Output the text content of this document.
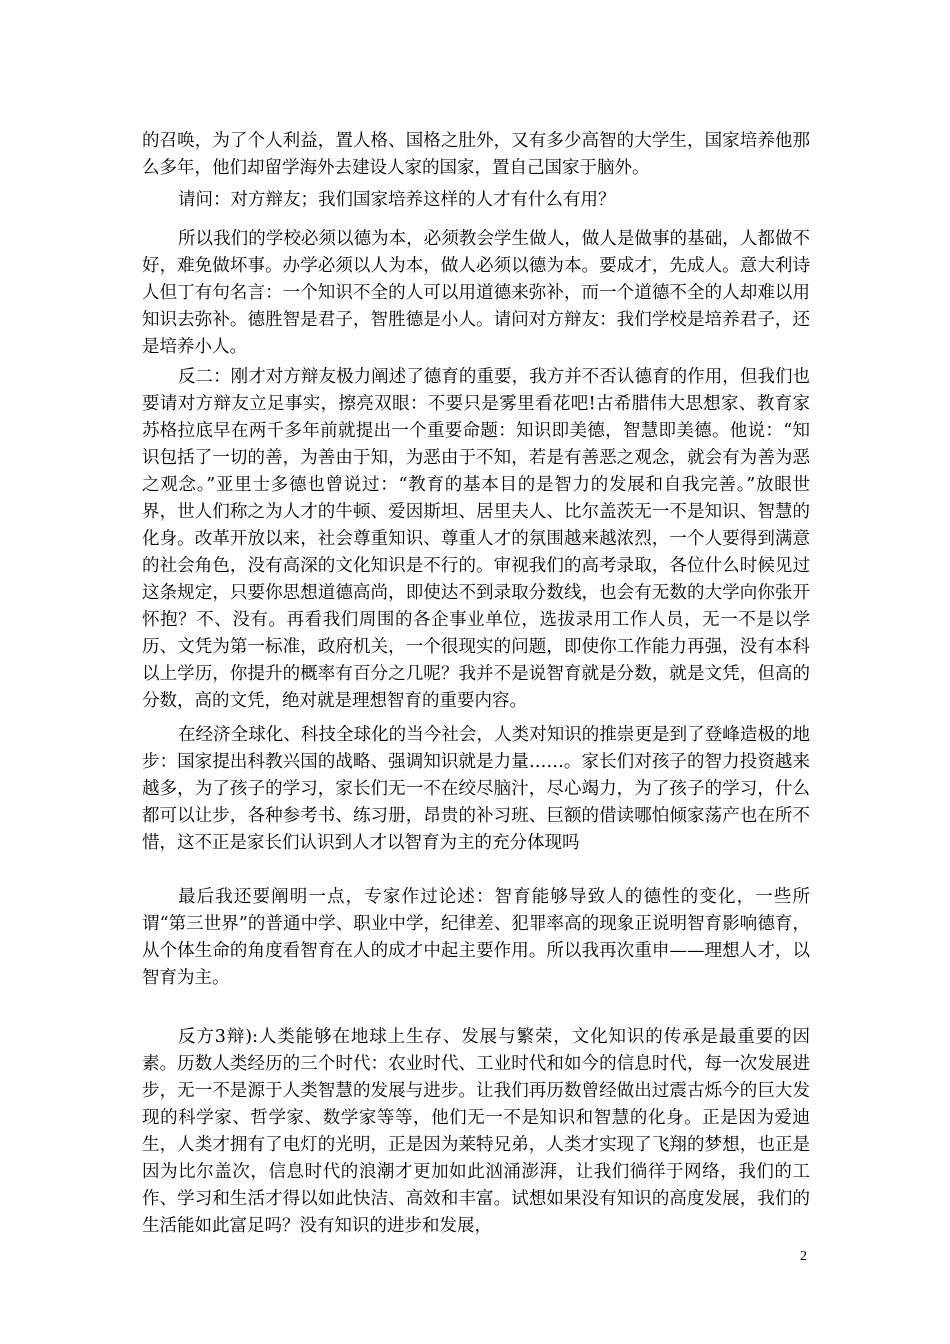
的召唤，为了个人利益，置人格、国格之肚外，又有多少高智的大学生，国家培养他那么多年，他们却留学海外去建设人家的国家，置自己国家于脑外。

请问：对方辩友；我们国家培养这样的人才有什么有用？

所以我们的学校必须以德为本，必须教会学生做人，做人是做事的基础，人都做不好，难免做坏事。办学必须以人为本，做人必须以德为本。要成才，先成人。意大利诗人但丁有句名言：一个知识不全的人可以用道德来弥补，而一个道德不全的人却难以用知识去弥补。德胜智是君子，智胜德是小人。请问对方辩友：我们学校是培养君子，还是培养小人。

反二：刚才对方辩友极力阐述了德育的重要，我方并不否认德育的作用，但我们也要请对方辩友立足事实，擦亮双眼：不要只是雾里看花吧!古希腊伟大思想家、教育家苏格拉底早在两千多年前就提出一个重要命题：知识即美德，智慧即美德。他说：“知识包括了一切的善，为善由于知，为恶由于不知，若是有善恶之观念，就会有为善为恶之观念。”亚里士多德也曾说过：“教育的基本目的是智力的发展和自我完善。”放眼世界，世人们称之为人才的牛顿、爱因斯坦、居里夫人、比尔盖茨无一不是知识、智慧的化身。改革开放以来，社会尊重知识、尊重人才的氛围越来越浓烈，一个人要得到满意的社会角色，没有高深的文化知识是不行的。审视我们的高考录取，各位什么时候见过这条规定，只要你思想道德高尚，即使达不到录取分数线，也会有无数的大学向你张开怀抱？不、没有。再看我们周围的各企事业单位，选拔录用工作人员，无一不是以学历、文凭为第一标准，政府机关，一个很现实的问题，即使你工作能力再强，没有本科以上学历，你提升的概率有百分之几呢？我并不是说智育就是分数，就是文凭，但高的分数，高的文凭，绝对就是理想智育的重要内容。

在经济全球化、科技全球化的当今社会，人类对知识的推崇更是到了登峰造极的地步：国家提出科教兴国的战略、强调知识就是力量……。家长们对孩子的智力投资越来越多，为了孩子的学习，家长们无一不在绞尽脑汁，尽心竭力，为了孩子的学习，什么都可以让步，各种参考书、练习册，昂贵的补习班、巨额的借读哪怕倾家荡产也在所不惜，这不正是家长们认识到人才以智育为主的充分体现吗

最后我还要阐明一点，专家作过论述：智育能够导致人的德性的变化，一些所谓“第三世界”的普通中学、职业中学，纪律差、犯罪率高的现象正说明智育影响德育，从个体生命的角度看智育在人的成才中起主要作用。所以我再次重申——理想人才，以智育为主。

反方3辩):人类能够在地球上生存、发展与繁荣，文化知识的传承是最重要的因素。历数人类经历的三个时代：农业时代、工业时代和如今的信息时代，每一次发展进步，无一不是源于人类智慧的发展与进步。让我们再历数曾经做出过震古烁今的巨大发现的科学家、哲学家、数学家等等，他们无一不是知识和智慧的化身。正是因为爱迪生，人类才拥有了电灯的光明，正是因为莱特兄弟，人类才实现了飞翔的梦想，也正是因为比尔盖次，信息时代的浪潮才更加如此汹涌澎湃，让我们徜徉于网络，我们的工作、学习和生活才得以如此快洁、高效和丰富。试想如果没有知识的高度发展，我们的生活能如此富足吗？没有知识的进步和发展，

2
